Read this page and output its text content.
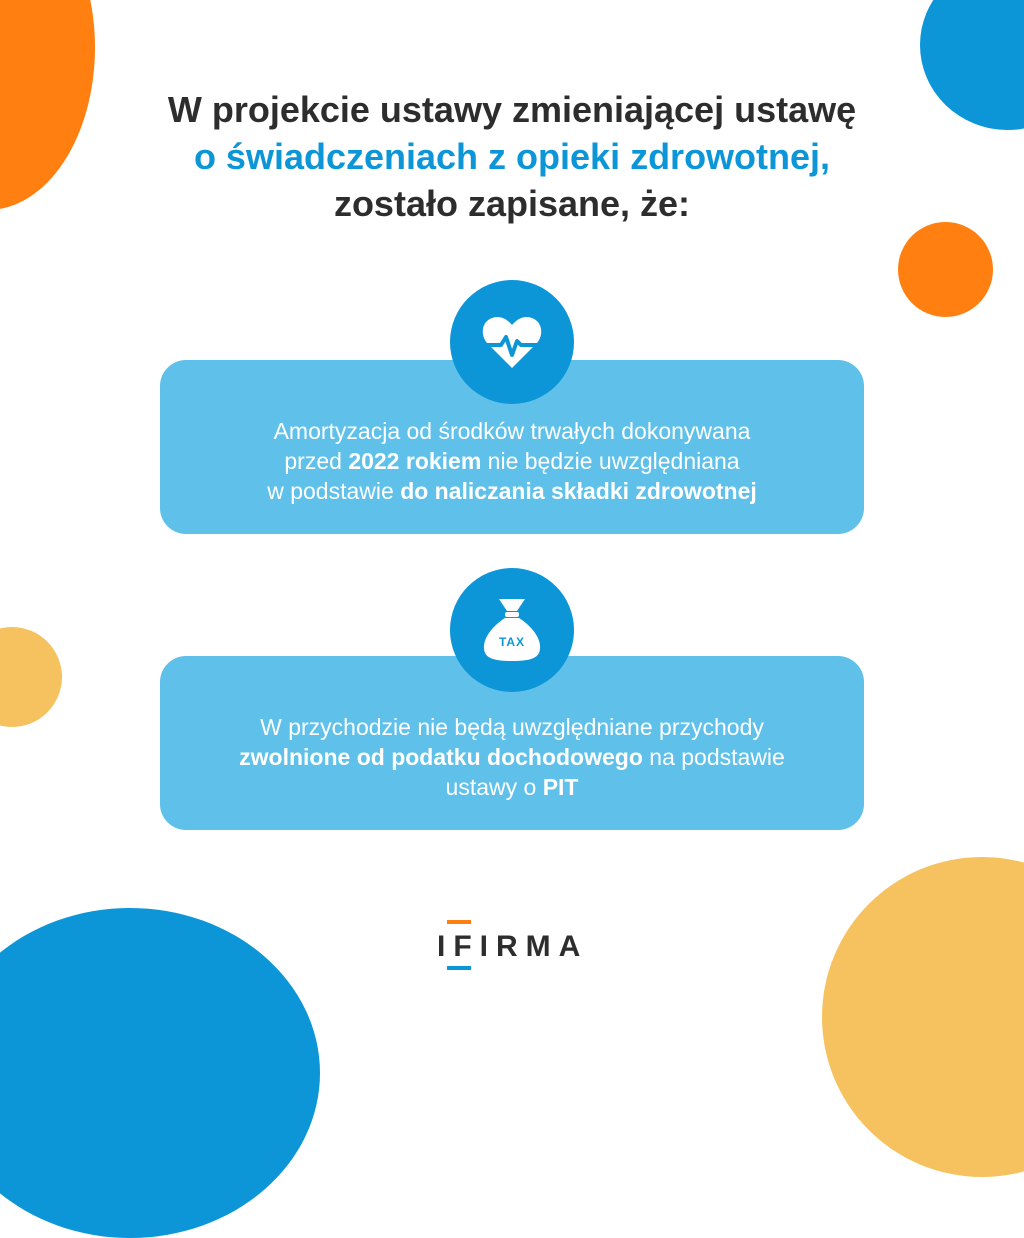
W projekcie ustawy zmieniającej ustawę
o świadczeniach z opieki zdrowotnej,
zostało zapisane, że:
Amortyzacja od środków trwałych dokonywana
przed 2022 rokiem nie będzie uwzględniana
w podstawie do naliczania składki zdrowotnej
W przychodzie nie będą uwzględniane przychody
zwolnione od podatku dochodowego na podstawie
ustawy o PIT
TAX
IFIRMA
